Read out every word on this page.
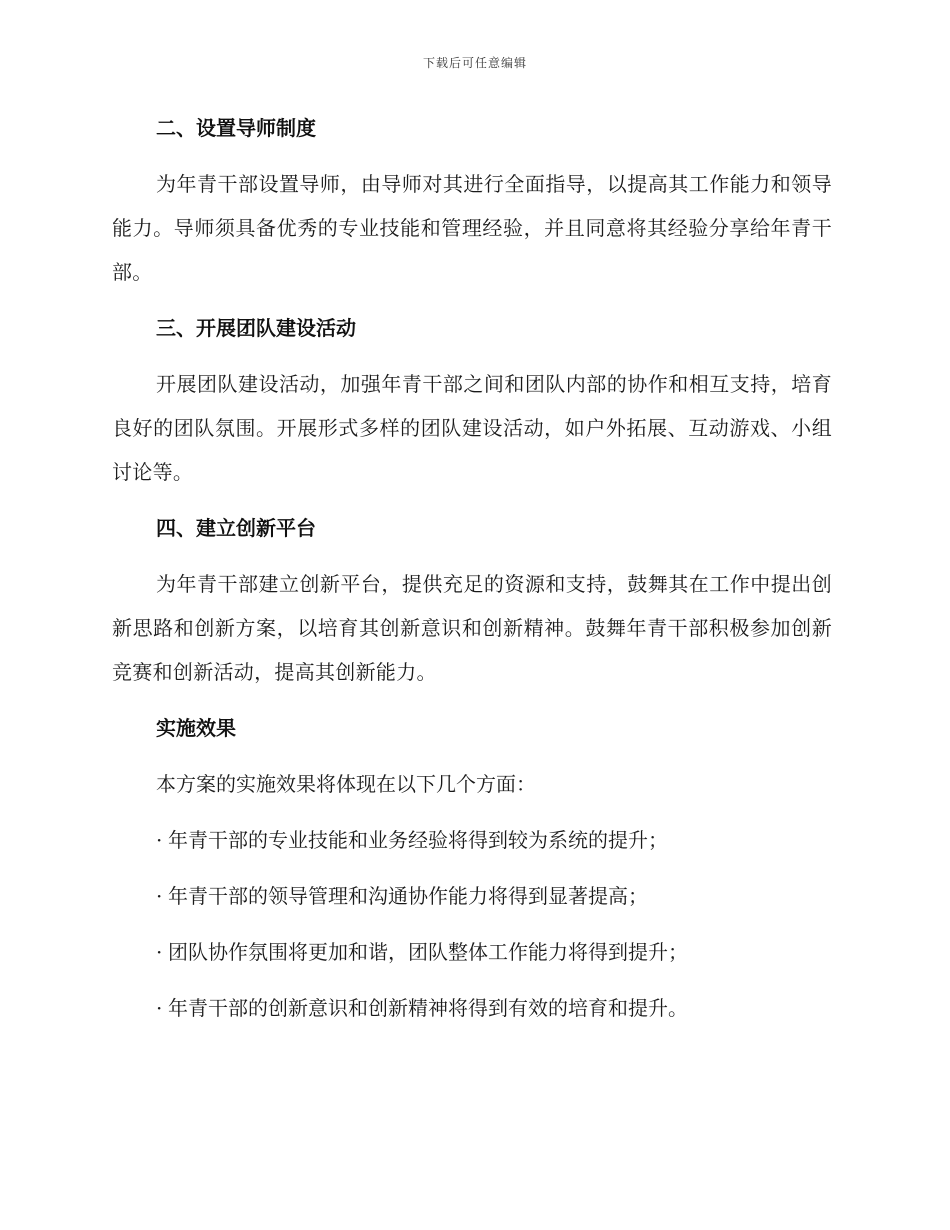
下载后可任意编辑
二、设置导师制度

为年青干部设置导师，由导师对其进行全面指导，以提高其工作能力和领导能力。导师须具备优秀的专业技能和管理经验，并且同意将其经验分享给年青干部。

三、开展团队建设活动

开展团队建设活动，加强年青干部之间和团队内部的协作和相互支持，培育良好的团队氛围。开展形式多样的团队建设活动，如户外拓展、互动游戏、小组讨论等。

四、建立创新平台

为年青干部建立创新平台，提供充足的资源和支持，鼓舞其在工作中提出创新思路和创新方案，以培育其创新意识和创新精神。鼓舞年青干部积极参加创新竞赛和创新活动，提高其创新能力。

实施效果

本方案的实施效果将体现在以下几个方面：

· 年青干部的专业技能和业务经验将得到较为系统的提升；

· 年青干部的领导管理和沟通协作能力将得到显著提高；

· 团队协作氛围将更加和谐，团队整体工作能力将得到提升；

· 年青干部的创新意识和创新精神将得到有效的培育和提升。
